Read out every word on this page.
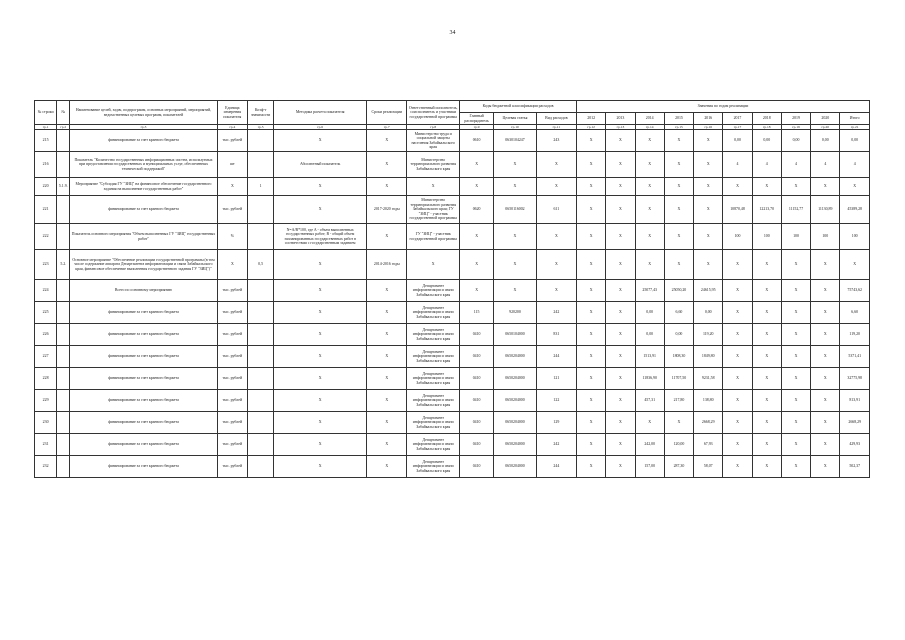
34
№ строки	№	Наименование целей, задач, подпрограмм, основных мероприятий, мероприятий, ведомственных целевых программ, показателей	Единица измерения показателя	Коэф-т значимости	Методика расчета показателя	Сроки реализации	Ответственный исполнитель, соисполнитель и участники государственной программы	Коды бюджетной классификации расходов			Значения по годам реализации									
								Главный распорядитель	Целевая статья	Вид расходов	2012	2013	2014	2015	2016	2017	2018	2019	2020	Итого
гр.1	гр.2	гр.3	гр.4	гр.5	гр.6	гр.7	гр.8	гр.9	гр.10	гр.11	гр.12	гр.13	гр.14	гр.15	гр.16	гр.17	гр.18	гр.19	гр.20	гр.21
215		финансирование за счет краевого бюджета	тыс. рублей		X	X	Министерство труда и социальной защиты населения Забайкальского края	0610	0630104247	243	X	X	X	X	X	0,00	0,00	0,00	0,00	0,00
216		Показатель "Количество государственных информационных систем, используемых при предоставлении государственных и муниципальных услуг, обеспеченных технической поддержкой"	шт		Абсолютный показатель	X	Министерство территориального развития Забайкальского края	X	X	X	X	X	X	X	X	4	4	4	4	4
220	5.1.9.	Мероприятие "Субсидия ГУ "ЗИЦ" на финансовое обеспечение государственного задания на выполнение государственных работ"	X	1	X	X	X	X	X	X	X	X	X	X	X	X	X	X	X	X
221		финансирование за счет краевого бюджета	тыс. рублей		X	2017-2020 годы	Министерство территориального развития Забайкальского края; ГУ "ЗИЦ" - участник государственной программы	0620	0650116002	611	X	X	X	X	X	10870,48	12213,70	11152,77	11130,89	45389,28
222		Показатель основного мероприятия "Объем выполненных ГУ "ЗИЦ" государственных работ"	%		N=A/B*100, где A - объем выполненных государственных работ; B - общий объем запланированных государственных работ в соответствии с государственным заданием	X	ГУ "ЗИЦ" - участник государственной программы	X	X	X	X	X	X	X	X	100	100	100	100	100
223	5.2.	Основное мероприятие "Обеспечение реализации государственной программы (в том числе содержание аппарата Департамента информатизации и связи Забайкальского края, финансовое обеспечение выполнения государственного задания ГУ "ЗИЦ")"	X	0,5	X	2014-2016 годы	X	X	X	X	X	X	X	X	X	X	X	X	X	X
224		Всего по основному мероприятию	тыс. рублей		X	X	Департамент информатизации и связи Забайкальского края	X	X	X	X	X	25077,43	25050,20	24615,95	X	X	X	X	75743,62
225		финансирование за счет краевого бюджета	тыс. рублей		X	X	Департамент информатизации и связи Забайкальского края	115	920200	242	X	X	0,00	6,60	0,00	X	X	X	X	6,60
226		финансирование за счет краевого бюджета	тыс. рублей		X	X	Департамент информатизации и связи Забайкальского края	0410	0650104000	831	X	X	0,00	0,00	119,20	X	X	X	X	119,20
227		финансирование за счет краевого бюджета	тыс. рублей		X	X	Департамент информатизации и связи Забайкальского края	0410	0650204000	244	X	X	1513,91	1808,30	1849,80	X	X	X	X	5371,41
228		финансирование за счет краевого бюджета	тыс. рублей		X	X	Департамент информатизации и связи Забайкальского края	0410	0650204000	121	X	X	11836,90	11707,50	9231,58	X	X	X	X	32775,98
229		финансирование за счет краевого бюджета	тыс. рублей		X	X	Департамент информатизации и связи Забайкальского края	0410	0650204000	122	X	X	457,31	217,80	138,80	X	X	X	X	813,91
230		финансирование за счет краевого бюджета	тыс. рублей		X	X	Департамент информатизации и связи Забайкальского края	0410	0650204000	129	X	X	X	X	2668,29	X	X	X	X	2668,29
231		финансирование за счет краевого бюджета	тыс. рублей		X	X	Департамент информатизации и связи Забайкальского края	0410	0650204000	242	X	X	242,00	120,00	67,93	X	X	X	X	429,93
232		финансирование за счет краевого бюджета	тыс. рублей		X	X	Департамент информатизации и связи Забайкальского края	0410	0650204000	244	X	X	157,00	287,30	58,07	X	X	X	X	502,37
